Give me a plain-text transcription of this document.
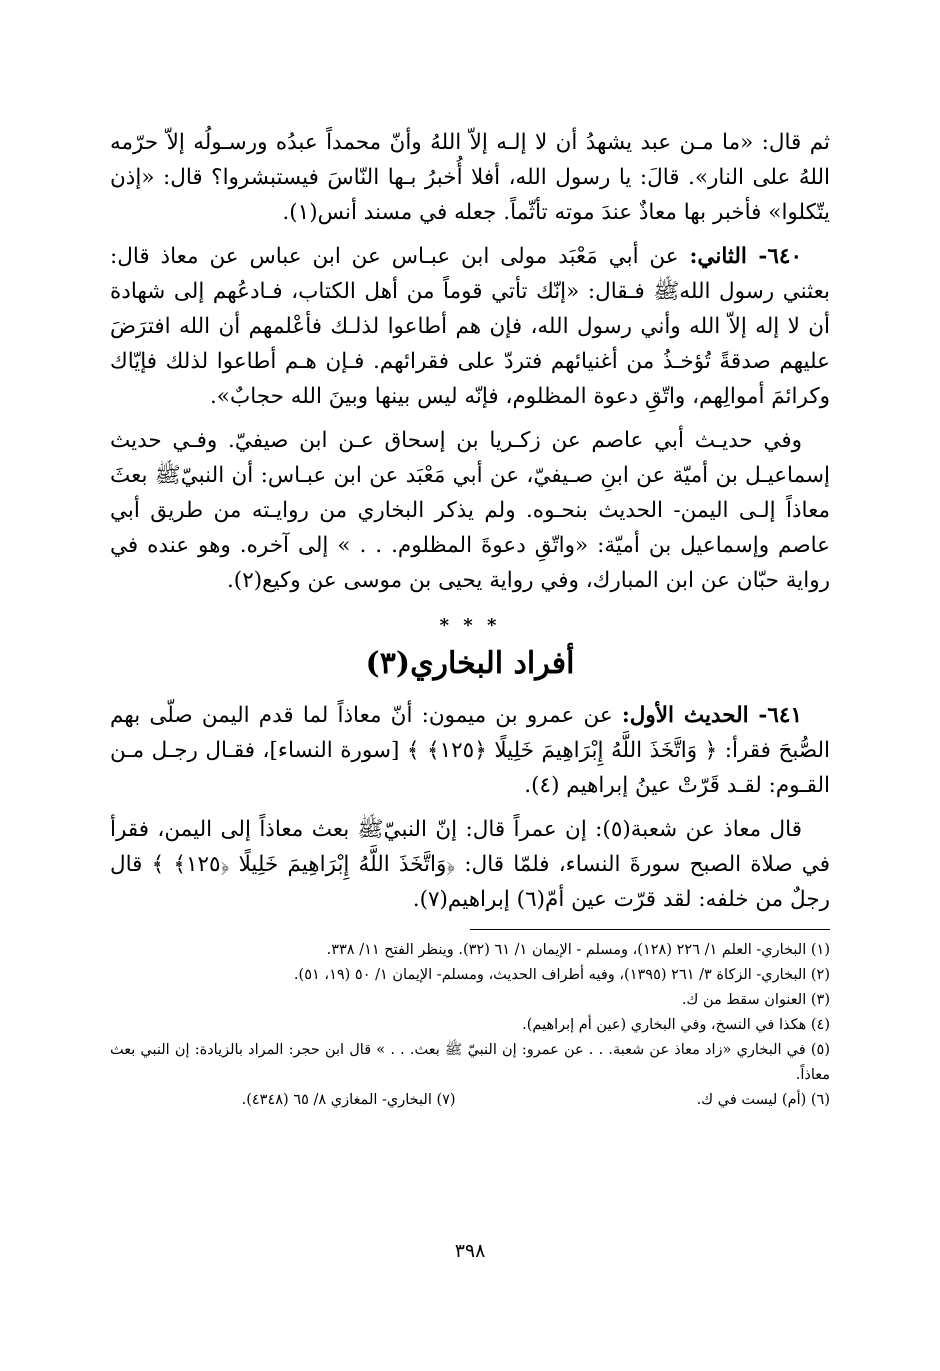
ثم قال: «ما مـن عبد يشهدُ أن لا إلـه إلاّ اللهُ وأنّ محمداً عبدُه ورسـولُه إلاّ حرّمه اللهُ على النار». قالَ: يا رسول الله، أفلا أُخبرُ بـها النّاسَ فيستبشروا؟ قال: «إذن يتّكلوا» فأخبر بها معاذٌ عندَ موته تأثّماً. جعله في مسند أنس(١).

٦٤٠- الثاني: عن أبي مَعْبَد مولى ابن عبـاس عن ابن عباس عن معاذ قال: بعثني رسول اللهﷺ فـقال: «إنّك تأتي قوماً من أهل الكتاب، فـادعُهم إلى شهادة أن لا إله إلاّ الله وأني رسول الله، فإن هم أطاعوا لذلـك فأعْلمهم أن الله افترَضَ عليهم صدقةً تُؤخـذُ من أغنيائهم فتردّ على فقرائهم. فـإن هـم أطاعوا لذلك فإيّاك وكرائمَ أموالِهم، واتّقِ دعوة المظلوم، فإنّه ليس بينها وبينَ الله حجابٌ».

وفي حديـث أبي عاصم عن زكـريا بن إسحاق عـن ابن صيفيّ. وفـي حديث إسماعيـل بن أميّة عن ابنِ صـيفيّ، عن أبي مَعْبَد عن ابن عبـاس: أن النبيّﷺ بعثَ معاذاً إلـى اليمن- الحديث بنحـوه. ولم يذكر البخاري من روايـته من طريق أبي عاصم وإسماعيل بن أميّة: «واتّقِ دعوةَ المظلوم. . . » إلى آخره. وهو عنده في رواية حبّان عن ابن المبارك، وفي رواية يحيى بن موسى عن وكيع(٢).

* * *
أفراد البخاري(٣)

٦٤١- الحديث الأول: عن عمرو بن ميمون: أنّ معاذاً لما قدم اليمن صلّى بهم الصُّبحَ فقرأ: ﴿ وَاتَّخَذَ اللَّهُ إِبْرَاهِيمَ خَلِيلًا ﴿١٢٥﴾ ﴾ [سورة النساء]، فقـال رجـل مـن القـوم: لقـد قَرّتْ عينُ إبراهيم (٤).

قال معاذ عن شعبة(٥): إن عمراً قال: إنّ النبيّﷺ بعث معاذاً إلى اليمن، فقرأ في صلاة الصبح سورةَ النساء، فلمّا قال: ﴿وَاتَّخَذَ اللَّهُ إِبْرَاهِيمَ خَلِيلًا ﴿١٢٥﴾ ﴾ قال رجلٌ من خلفه: لقد قرّت عين أمّ(٦) إبراهيم(٧).

(١) البخاري- العلم ١/ ٢٢٦ (١٢٨)، ومسلم - الإيمان ١/ ٦١ (٣٢). وينظر الفتح ١١/ ٣٣٨.

(٢) البخاري- الزكاة ٣/ ٢٦١ (١٣٩٥)، وفيه أطراف الحديث، ومسلم- الإيمان ١/ ٥٠ (١٩، ٥١).

(٣) العنوان سقط من ك.

(٤) هكذا في النسخ، وفي البخاري (عين أم إبراهيم).

(٥) في البخاري «زاد معاذ عن شعبة. . . عن عمرو: إن النبيّ ﷺ بعث. . . » قال ابن حجر: المراد بالزيادة: إن النبي بعث معاذاً.

(٦) (أم) ليست في ك.

(٧) البخاري- المغازي ٨/ ٦٥ (٤٣٤٨).

٣٩٨
